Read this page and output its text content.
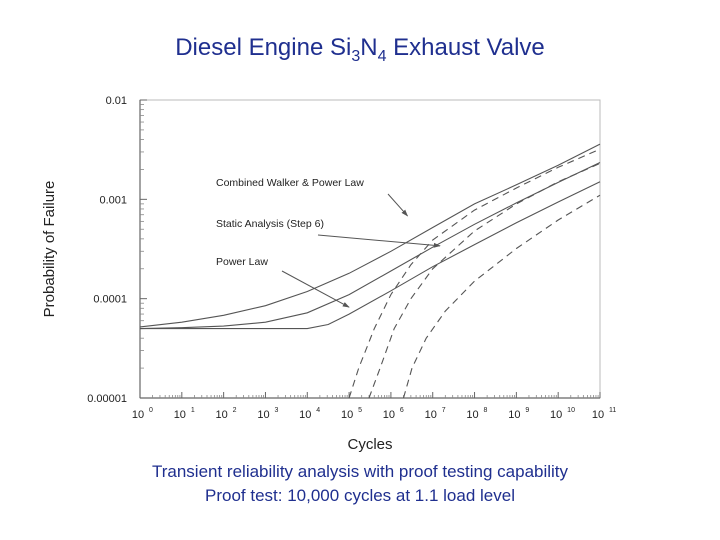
Diesel Engine $Si_3N_4$ Exhaust Valve
10 0 10 1 10 2 10 3 10 4 10 5 10 6 10 7 10 8 10 9 10 10 10 11
0.01
0.001
0.0001
0.00001
Combined Walker & Power Law
Static Analysis (Step 6)
Power Law
Cycles
Probability of Failure
Transient reliability analysis with proof testing capability
Proof test: 10,000 cycles at 1.1 load level
